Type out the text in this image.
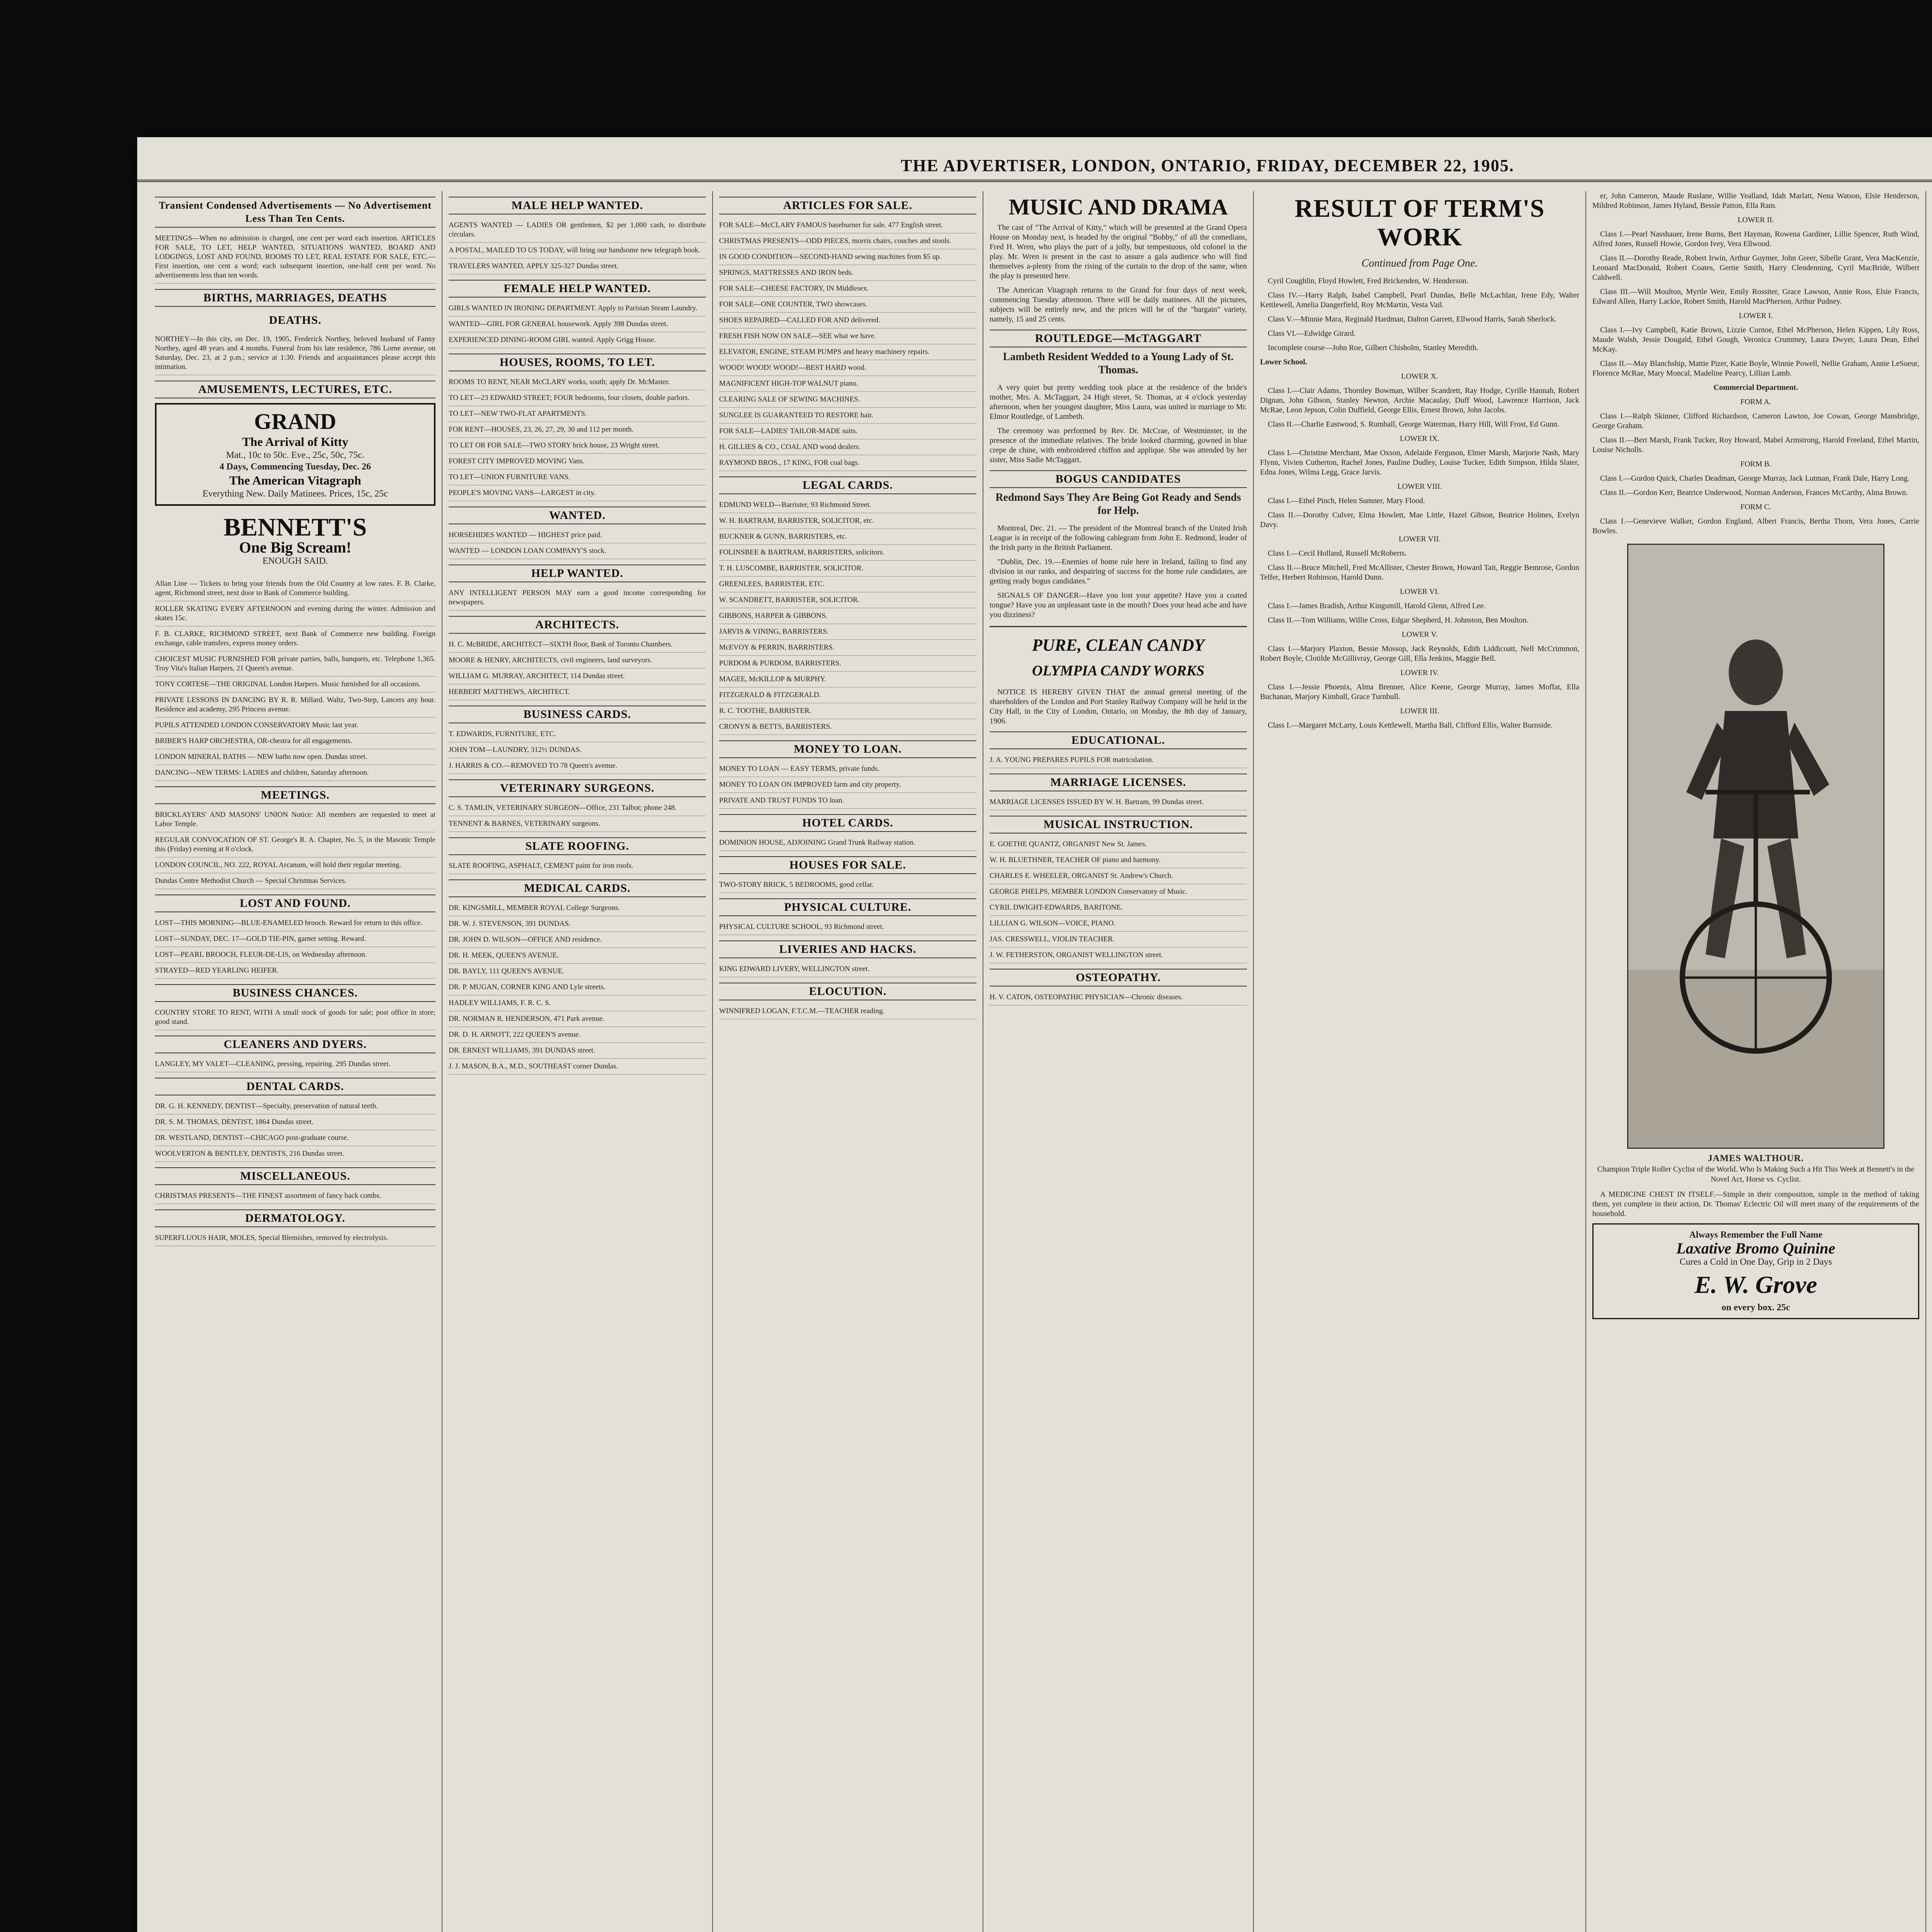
THE ADVERTISER, LONDON, ONTARIO, FRIDAY, DECEMBER 22, 1905.
Transient Condensed Advertisements — No Advertisement Less Than Ten Cents.

MEETINGS—When no admission is charged, one cent per word each insertion. ARTICLES FOR SALE, TO LET, HELP WANTED, SITUATIONS WANTED, BOARD AND LODGINGS, LOST AND FOUND, ROOMS TO LET, REAL ESTATE FOR SALE, ETC.—First insertion, one cent a word; each subsequent insertion, one-half cent per word. No advertisements less than ten words.

BIRTHS, MARRIAGES, DEATHS
DEATHS.

NORTHEY—In this city, on Dec. 19, 1905, Frederick Northey, beloved husband of Fanny Northey, aged 48 years and 4 months. Funeral from his late residence, 786 Lorne avenue, on Saturday, Dec. 23, at 2 p.m.; service at 1:30. Friends and acquaintances please accept this intimation.

AMUSEMENTS, LECTURES, ETC.
GRAND
The Arrival of Kitty
Mat., 10c to 50c. Eve., 25c, 50c, 75c.
4 Days, Commencing Tuesday, Dec. 26
The American Vitagraph
Everything New. Daily Matinees. Prices, 15c, 25c
BENNETT'S
One Big Scream!
ENOUGH SAID.

Allan Line — Tickets to bring your friends from the Old Country at low rates. F. B. Clarke, agent, Richmond street, next door to Bank of Commerce building.

ROLLER SKATING EVERY AFTERNOON and evening during the winter. Admission and skates 15c.

F. B. CLARKE, RICHMOND STREET, next Bank of Commerce new building. Foreign exchange, cable transfers, express money orders.

CHOICEST MUSIC FURNISHED FOR private parties, balls, banquets, etc. Telephone 1,365. Troy Vita's Italian Harpers, 21 Queen's avenue.

TONY CORTESE—THE ORIGINAL London Harpers. Music furnished for all occasions.

PRIVATE LESSONS IN DANCING BY R. R. Millard. Waltz, Two-Step, Lancers any hour. Residence and academy, 295 Princess avenue.

PUPILS ATTENDED LONDON CONSERVATORY Music last year.

BRIBER'S HARP ORCHESTRA, OR-chestra for all engagements.

LONDON MINERAL BATHS — NEW baths now open. Dundas street.

DANCING—NEW TERMS: LADIES and children, Saturday afternoon.

MEETINGS.

BRICKLAYERS' AND MASONS' UNION Notice: All members are requested to meet at Labor Temple.

REGULAR CONVOCATION OF ST. George's R. A. Chapter, No. 5, in the Masonic Temple this (Friday) evening at 8 o'clock.

LONDON COUNCIL, NO. 222, ROYAL Arcanum, will hold their regular meeting.

Dundas Centre Methodist Church — Special Christmas Services.

LOST AND FOUND.

LOST—THIS MORNING—BLUE-ENAMELED brooch. Reward for return to this office.

LOST—SUNDAY, DEC. 17—GOLD TIE-PIN, garnet setting. Reward.

LOST—PEARL BROOCH, FLEUR-DE-LIS, on Wednesday afternoon.

STRAYED—RED YEARLING HEIFER.

BUSINESS CHANCES.

COUNTRY STORE TO RENT, WITH A small stock of goods for sale; post office in store; good stand.

CLEANERS AND DYERS.

LANGLEY, MY VALET—CLEANING, pressing, repairing. 295 Dundas street.

DENTAL CARDS.

DR. G. H. KENNEDY, DENTIST—Specialty, preservation of natural teeth.

DR. S. M. THOMAS, DENTIST, 1864 Dundas street.

DR. WESTLAND, DENTIST—CHICAGO post-graduate course.

WOOLVERTON & BENTLEY, DENTISTS, 216 Dundas street.

MISCELLANEOUS.

CHRISTMAS PRESENTS—THE FINEST assortment of fancy back combs.

DERMATOLOGY.

SUPERFLUOUS HAIR, MOLES, Special Blemishes, removed by electrolysis.

MALE HELP WANTED.

AGENTS WANTED — LADIES OR gentlemen, $2 per 1,000 cash, to distribute circulars.

A POSTAL, MAILED TO US TODAY, will bring our handsome new telegraph book.

TRAVELERS WANTED, APPLY 325-327 Dundas street.

FEMALE HELP WANTED.

GIRLS WANTED IN IRONING DEPARTMENT. Apply to Parisian Steam Laundry.

WANTED—GIRL FOR GENERAL housework. Apply 398 Dundas street.

EXPERIENCED DINING-ROOM GIRL wanted. Apply Grigg House.

HOUSES, ROOMS, TO LET.

ROOMS TO RENT, NEAR McCLARY works, south; apply Dr. McMaster.

TO LET—23 EDWARD STREET; FOUR bedrooms, four closets, double parlors.

TO LET—NEW TWO-FLAT APARTMENTS.

FOR RENT—HOUSES, 23, 26, 27, 29, 30 and 112 per month.

TO LET OR FOR SALE—TWO STORY brick house, 23 Wright street.

FOREST CITY IMPROVED MOVING Vans.

TO LET—UNION FURNITURE VANS.

PEOPLE'S MOVING VANS—LARGEST in city.

WANTED.

HORSEHIDES WANTED — HIGHEST price paid.

WANTED — LONDON LOAN COMPANY'S stock.

HELP WANTED.

ANY INTELLIGENT PERSON MAY earn a good income corresponding for newspapers.

ARCHITECTS.

H. C. McBRIDE, ARCHITECT—SIXTH floor, Bank of Toronto Chambers.

MOORE & HENRY, ARCHITECTS, civil engineers, land surveyors.

WILLIAM G. MURRAY, ARCHITECT, 114 Dundas street.

HERBERT MATTHEWS, ARCHITECT.

BUSINESS CARDS.

T. EDWARDS, FURNITURE, ETC.

JOHN TOM—LAUNDRY, 312½ DUNDAS.

J. HARRIS & CO.—REMOVED TO 78 Queen's avenue.

VETERINARY SURGEONS.

C. S. TAMLIN, VETERINARY SURGEON—Office, 231 Talbot; phone 248.

TENNENT & BARNES, VETERINARY surgeons.

SLATE ROOFING.

SLATE ROOFING, ASPHALT, CEMENT paint for iron roofs.

MEDICAL CARDS.

DR. KINGSMILL, MEMBER ROYAL College Surgeons.

DR. W. J. STEVENSON, 391 DUNDAS.

DR. JOHN D. WILSON—OFFICE AND residence.

DR. H. MEEK, QUEEN'S AVENUE.

DR. BAYLY, 111 QUEEN'S AVENUE.

DR. P. MUGAN, CORNER KING AND Lyle streets.

HADLEY WILLIAMS, F. R. C. S.

DR. NORMAN R. HENDERSON, 471 Park avenue.

DR. D. H. ARNOTT, 222 QUEEN'S avenue.

DR. ERNEST WILLIAMS, 391 DUNDAS street.

J. J. MASON, B.A., M.D., SOUTHEAST corner Dundas.

ARTICLES FOR SALE.

FOR SALE—McCLARY FAMOUS baseburner for sale. 477 English street.

CHRISTMAS PRESENTS—ODD PIECES, morris chairs, couches and stools.

IN GOOD CONDITION—SECOND-HAND sewing machines from $5 up.

SPRINGS, MATTRESSES AND IRON beds.

FOR SALE—CHEESE FACTORY, IN Middlesex.

FOR SALE—ONE COUNTER, TWO showcases.

SHOES REPAIRED—CALLED FOR AND delivered.

FRESH FISH NOW ON SALE—SEE what we have.

ELEVATOR, ENGINE, STEAM PUMPS and heavy machinery repairs.

WOOD! WOOD! WOOD!—BEST HARD wood.

MAGNIFICENT HIGH-TOP WALNUT piano.

CLEARING SALE OF SEWING MACHINES.

SUNGLEE IS GUARANTEED TO RESTORE hair.

FOR SALE—LADIES' TAILOR-MADE suits.

H. GILLIES & CO., COAL AND wood dealers.

RAYMOND BROS., 17 KING, FOR coal bags.

LEGAL CARDS.

EDMUND WELD—Barrister, 93 Richmond Street.

W. H. BARTRAM, BARRISTER, SOLICITOR, etc.

BUCKNER & GUNN, BARRISTERS, etc.

FOLINSBEE & BARTRAM, BARRISTERS, solicitors.

T. H. LUSCOMBE, BARRISTER, SOLICITOR.

GREENLEES, BARRISTER, ETC.

W. SCANDRETT, BARRISTER, SOLICITOR.

GIBBONS, HARPER & GIBBONS.

JARVIS & VINING, BARRISTERS.

McEVOY & PERRIN, BARRISTERS.

PURDOM & PURDOM, BARRISTERS.

MAGEE, McKILLOP & MURPHY.

FITZGERALD & FITZGERALD.

R. C. TOOTHE, BARRISTER.

CRONYN & BETTS, BARRISTERS.

MONEY TO LOAN.

MONEY TO LOAN — EASY TERMS, private funds.

MONEY TO LOAN ON IMPROVED farm and city property.

PRIVATE AND TRUST FUNDS TO loan.

HOTEL CARDS.

DOMINION HOUSE, ADJOINING Grand Trunk Railway station.

HOUSES FOR SALE.

TWO-STORY BRICK, 5 BEDROOMS, good cellar.

PHYSICAL CULTURE.

PHYSICAL CULTURE SCHOOL, 93 Richmond street.

LIVERIES AND HACKS.

KING EDWARD LIVERY, WELLINGTON street.

ELOCUTION.

WINNIFRED LOGAN, F.T.C.M.—TEACHER reading.

MUSIC AND DRAMA

The cast of "The Arrival of Kitty," which will be presented at the Grand Opera House on Monday next, is headed by the original "Bobby," of all the comedians, Fred H. Wren, who plays the part of a jolly, but tempestuous, old colonel in the play. Mr. Wren is present in the cast to assure a gala audience who will find themselves a-plenty from the rising of the curtain to the drop of the same, when the play is presented here.

The American Vitagraph returns to the Grand for four days of next week, commencing Tuesday afternoon. There will be daily matinees. All the pictures, subjects will be entirely new, and the prices will be of the "bargain" variety, namely, 15 and 25 cents.

ROUTLEDGE—McTAGGART
Lambeth Resident Wedded to a Young Lady of St. Thomas.

A very quiet but pretty wedding took place at the residence of the bride's mother, Mrs. A. McTaggart, 24 High street, St. Thomas, at 4 o'clock yesterday afternoon, when her youngest daughter, Miss Laura, was united in marriage to Mr. Elmor Routledge, of Lambeth.

The ceremony was performed by Rev. Dr. McCrae, of Westminster, in the presence of the immediate relatives. The bride looked charming, gowned in blue crepe de chine, with embroidered chiffon and applique. She was attended by her sister, Miss Sadie McTaggart.

BOGUS CANDIDATES
Redmond Says They Are Being Got Ready and Sends for Help.

Montreal, Dec. 21. — The president of the Montreal branch of the United Irish League is in receipt of the following cablegram from John E. Redmond, leader of the Irish party in the British Parliament.

"Dublin, Dec. 19.—Enemies of home rule here in Ireland, failing to find any division in our ranks, and despairing of success for the home rule candidates, are getting ready bogus candidates."

SIGNALS OF DANGER—Have you lost your appetite? Have you a coated tongue? Have you an unpleasant taste in the mouth? Does your head ache and have you dizziness?

PURE, CLEAN CANDY
OLYMPIA CANDY WORKS

NOTICE IS HEREBY GIVEN THAT the annual general meeting of the shareholders of the London and Port Stanley Railway Company will be held in the City Hall, in the City of London, Ontario, on Monday, the 8th day of January, 1906.

EDUCATIONAL.

J. A. YOUNG PREPARES PUPILS FOR matriculation.

MARRIAGE LICENSES.

MARRIAGE LICENSES ISSUED BY W. H. Bartram, 99 Dundas street.

MUSICAL INSTRUCTION.

E. GOETHE QUANTZ, ORGANIST New St. James.

W. H. BLUETHNER, TEACHER OF piano and harmony.

CHARLES E. WHEELER, ORGANIST St. Andrew's Church.

GEORGE PHELPS, MEMBER LONDON Conservatory of Music.

CYRIL DWIGHT-EDWARDS, BARITONE.

LILLIAN G. WILSON—VOICE, PIANO.

JAS. CRESSWELL, VIOLIN TEACHER.

J. W. FETHERSTON, ORGANIST WELLINGTON street.

OSTEOPATHY.

H. V. CATON, OSTEOPATHIC PHYSICIAN—Chronic diseases.

RESULT OF TERM'S WORK
Continued from Page One.

Cyril Coughlin, Floyd Howlett, Fred Brickenden, W. Henderson.

Class IV.—Harry Ralph, Isabel Campbell, Pearl Dundas, Belle McLachlan, Irene Edy, Walter Kettlewell, Amelia Dangerfield, Roy McMartin, Vesta Vail.

Class V.—Minnie Mara, Reginald Hardman, Dalton Garrett, Ellwood Harris, Sarah Sherlock.

Class VI.—Edwidge Girard.

Incomplete course—John Roe, Gilbert Chisholm, Stanley Meredith.

Lower School.

LOWER X.

Class I.—Clair Adams, Thornley Bowman, Wilber Scandrett, Ray Hodge, Cyrille Hannah, Robert Dignan, John Gibson, Stanley Newton, Archie Macaulay, Duff Wood, Lawrence Harrison, Jack McRae, Leon Jepson, Colin Duffield, George Ellis, Ernest Brown, John Jacobs.

Class II.—Charlie Eastwood, S. Rumball, George Waterman, Harry Hill, Will Frost, Ed Gunn.

LOWER IX.

Class I.—Christine Merchant, Mae Oxson, Adelaide Ferguson, Elmer Marsh, Marjorie Nash, Mary Flynn, Vivien Cutherton, Rachel Jones, Pauline Dudley, Louise Tucker, Edith Simpson, Hilda Slater, Edna Jones, Wilma Legg, Grace Jarvis.

LOWER VIII.

Class I.—Ethel Pinch, Helen Sumner, Mary Flood.

Class II.—Dorothy Culver, Elma Howlett, Mae Little, Hazel Gibson, Beatrice Holmes, Evelyn Davy.

LOWER VII.

Class I.—Cecil Holland, Russell McRoberts.

Class II.—Bruce Mitchell, Fred McAllister, Chester Brown, Howard Tait, Reggie Bemrose, Gordon Telfer, Herbert Robinson, Harold Dunn.

LOWER VI.

Class I.—James Bradish, Arthur Kingsmill, Harold Glenn, Alfred Lee.

Class II.—Tom Williams, Willie Cross, Edgar Shepherd, H. Johnston, Ben Moulton.

LOWER V.

Class I.—Marjory Plaxton, Bessie Mossop, Jack Reynolds, Edith Liddicoatt, Nell McCrimmon, Robert Boyle, Clotilde McGillivray, George Gill, Ella Jenkins, Maggie Bell.

LOWER IV.

Class I.—Jessie Phoenix, Alma Brenner, Alice Keene, George Murray, James Moffat, Ella Buchanan, Marjory Kimball, Grace Turnbull.

LOWER III.

Class I.—Margaret McLarty, Louis Kettlewell, Martha Ball, Clifford Ellis, Walter Burnside.

er, John Cameron, Maude Ruslane, Willie Yealland, Idah Marlatt, Nena Watson, Elsie Henderson, Mildred Robinson, James Hyland, Bessie Patton, Ella Ram.

LOWER II.

Class I.—Pearl Nasshauer, Irene Burns, Bert Hayman, Rowena Gardiner, Lillie Spencer, Ruth Wind, Alfred Jones, Russell Howie, Gordon Ivey, Vera Ellwood.

Class II.—Dorothy Reade, Robert Irwin, Arthur Guymer, John Greer, Sibelle Grant, Vera MacKenzie, Leonard MacDonald, Robert Coates, Gertie Smith, Harry Clendenning, Cyril MacBride, Wilbert Caldwell.

Class III.—Will Moulton, Myrtle Weir, Emily Rossiter, Grace Lawson, Annie Ross, Elsie Francis, Edward Allen, Harry Lackie, Robert Smith, Harold MacPherson, Arthur Pudney.

LOWER I.

Class I.—Ivy Campbell, Katie Brown, Lizzie Curnoe, Ethel McPherson, Helen Kippen, Lily Ross, Maude Walsh, Jessie Dougald, Ethel Gough, Veronica Crummey, Laura Dwyer, Laura Dean, Ethel McKay.

Class II.—May Blanchship, Mattie Pizer, Katie Boyle, Winnie Powell, Nellie Graham, Annie LeSueur, Florence McRae, Mary Moncal, Madeline Pearcy, Lillian Lamb.

Commercial Department.

FORM A.

Class I.—Ralph Skinner, Clifford Richardson, Cameron Lawton, Joe Cowan, George Mansbridge, George Graham.

Class II.—Bert Marsh, Frank Tucker, Roy Howard, Mabel Armstrong, Harold Freeland, Ethel Martin, Louise Nicholls.

FORM B.

Class I.—Gordon Quick, Charles Deadman, George Murray, Jack Lutman, Frank Dale, Harry Long.

Class II.—Gordon Kerr, Beatrice Underwood, Norman Anderson, Frances McCarthy, Alma Brown.

FORM C.

Class I.—Genevieve Walker, Gordon England, Albert Francis, Bertha Thorn, Vera Jones, Carrie Bowles.

JAMES WALTHOUR.
Champion Triple Roller Cyclist of the World. Who Is Making Such a Hit This Week at Bennett's in the Novel Act, Horse vs. Cyclist.

A MEDICINE CHEST IN ITSELF.—Simple in their composition, simple in the method of taking them, yet complete in their action, Dr. Thomas' Eclectric Oil will meet many of the requirements of the household.

Always Remember the Full Name
Laxative Bromo Quinine
Cures a Cold in One Day, Grip in 2 Days
E. W. Grove
on every box. 25c
